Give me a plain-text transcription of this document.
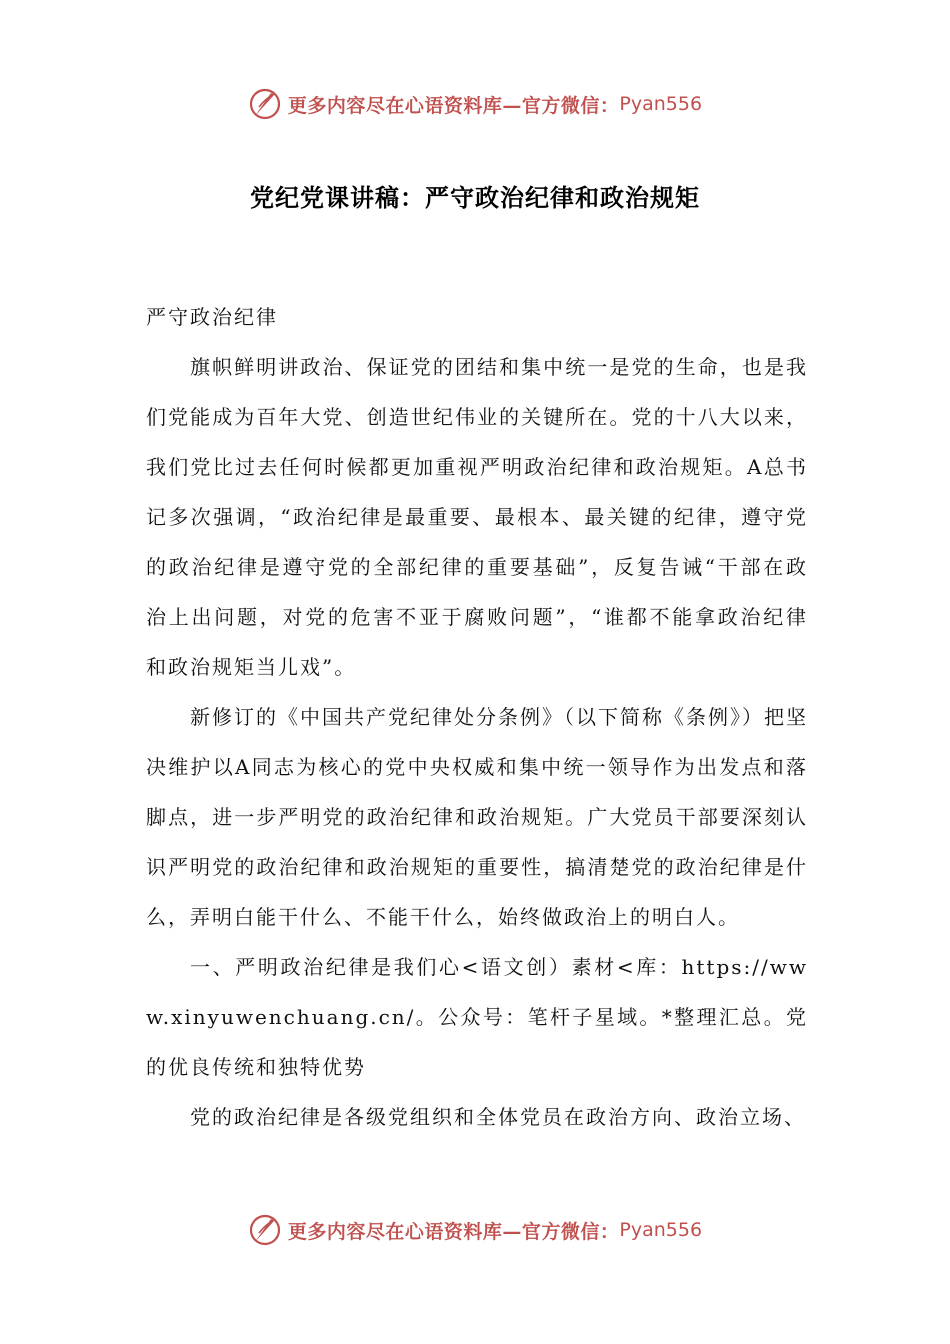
更多内容尽在心语资料库—官方微信： Pyan556
党纪党课讲稿：严守政治纪律和政治规矩

严守政治纪律

旗帜鲜明讲政治、保证党的团结和集中统一是党的生命，也是我们党能成为百年大党、创造世纪伟业的关键所在。党的十八大以来，我们党比过去任何时候都更加重视严明政治纪律和政治规矩。A总书记多次强调，“政治纪律是最重要、最根本、最关键的纪律，遵守党的政治纪律是遵守党的全部纪律的重要基础”，反复告诫“干部在政治上出问题，对党的危害不亚于腐败问题”，“谁都不能拿政治纪律和政治规矩当儿戏”。

新修订的《中国共产党纪律处分条例》（以下简称《条例》）把坚决维护以A同志为核心的党中央权威和集中统一领导作为出发点和落脚点，进一步严明党的政治纪律和政治规矩。广大党员干部要深刻认识严明党的政治纪律和政治规矩的重要性，搞清楚党的政治纪律是什么，弄明白能干什么、不能干什么，始终做政治上的明白人。

一、严明政治纪律是我们心<语文创）素材<库：https://www.xinyuwenchuang.cn/。公众号：笔杆子星域。*整理汇总。党的优良传统和独特优势

党的政治纪律是各级党组织和全体党员在政治方向、政治立场、

更多内容尽在心语资料库—官方微信： Pyan556
